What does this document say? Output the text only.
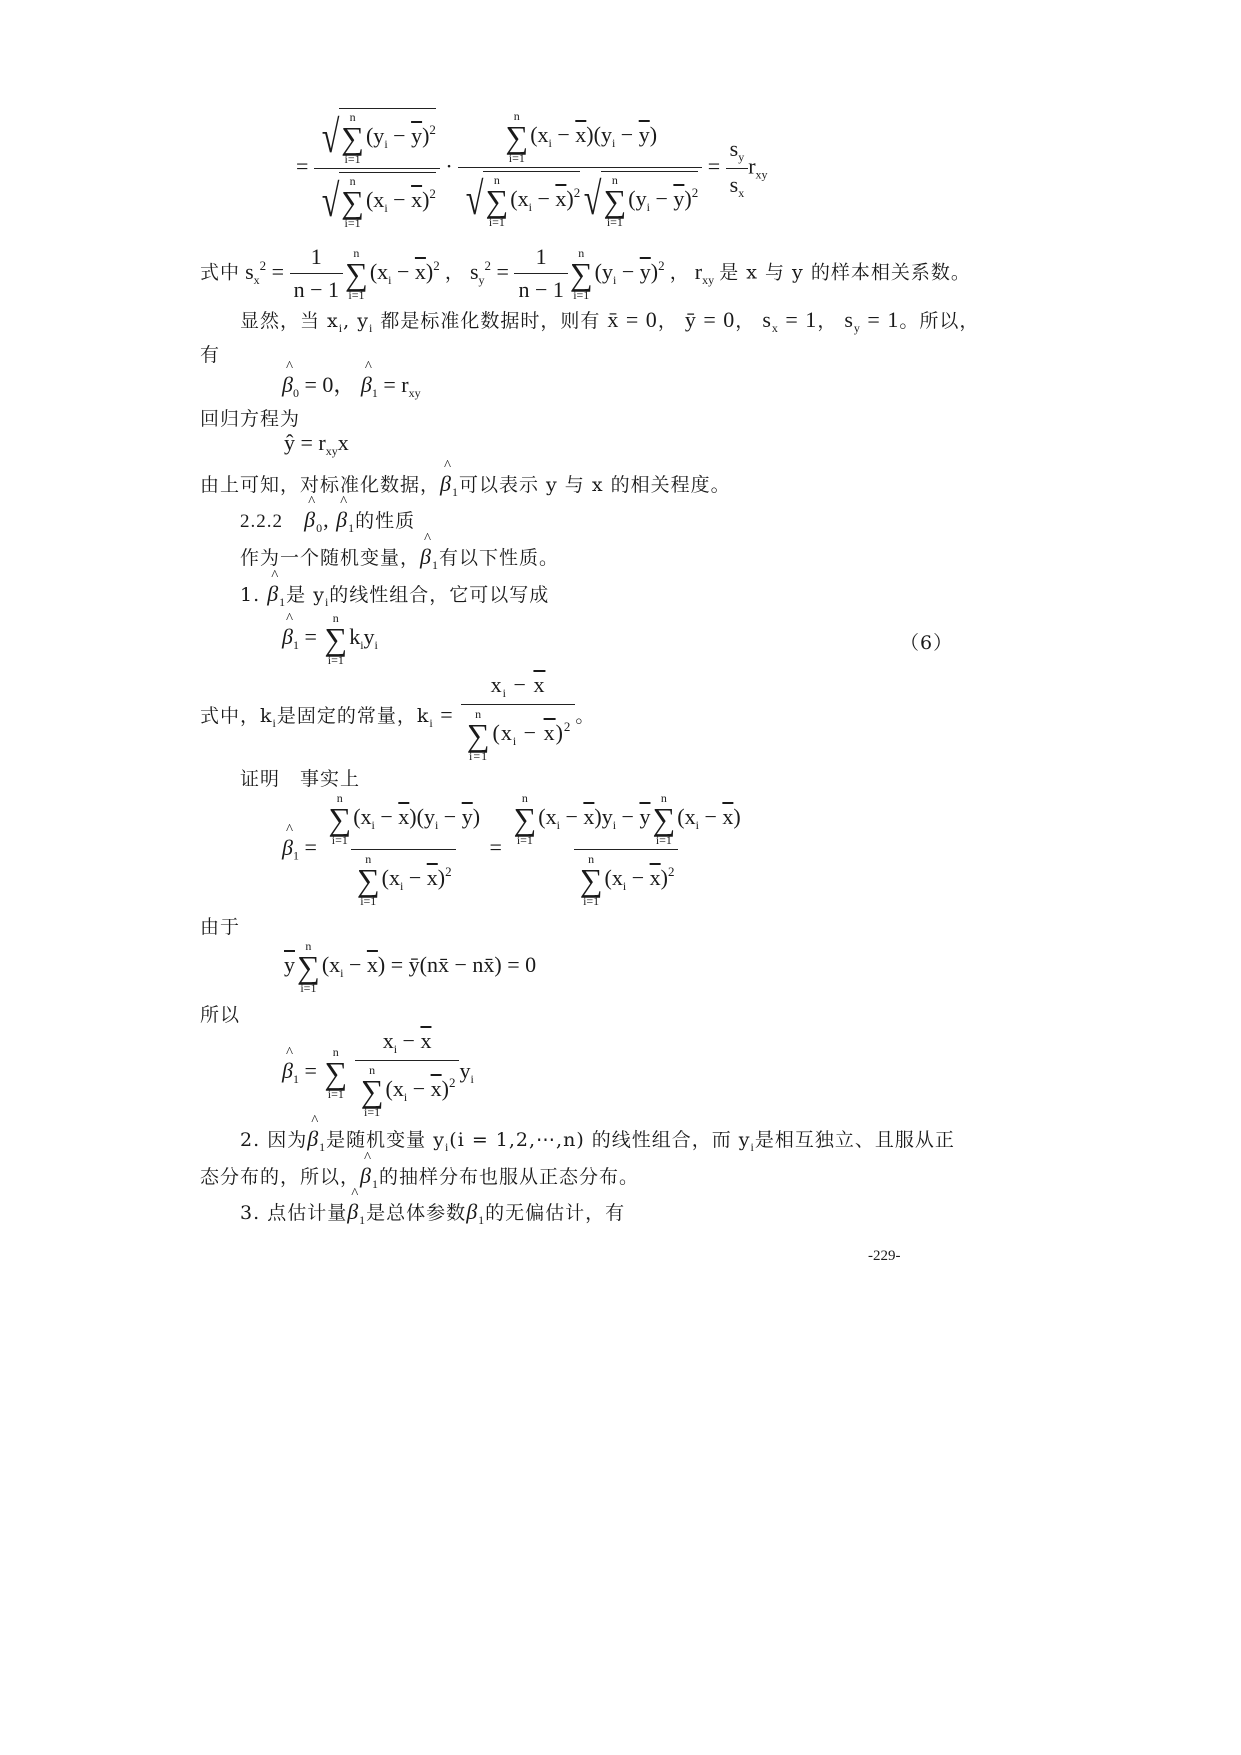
= √ n
∑
i=1
$(y_i - \overline{y})^2$
√ n
∑
i=1
$(x_i - \overline{x})^2 \cdot n$
∑
i=1
$(x_i - \overline{x})(y_i - \overline{y})$
√ n
∑
i=1
$(x_i - \overline{x})^2$ √ n
∑
i=1
$(y_i - \overline{y})^2 = \frac{s_y}{s_x} r_{xy}$
式中 $s_x^2 = \frac{1}{n - 1}$ n
∑
i=1
$(x_i - \overline{x})^2$ ， $s_y^2 = \frac{1}{n - 1}$ n
∑
i=1
$(y_i - \overline{y})^2$ ， $r_{xy}$ 是 x 与 y 的样本相关系数。
显然，当 $x_i$, $y_i$ 都是标准化数据时，则有 x̄ = 0， ȳ = 0， $s_x = 1$， $s_y = 1$。所以，
有
^ $\beta_0 = 0$， ^ $\beta_1 = r_{xy}$
回归方程为
ŷ = $r_{xy}x$
由上可知，对标准化数据，^ $\beta_1$可以表示 y 与 x 的相关程度。
2.2.2 ^ $\beta_0$, ^ $\beta_1$的性质
作为一个随机变量，^ $\beta_1$有以下性质。
1. ^ $\beta_1$是 $y_i$的线性组合，它可以写成
^ $\beta_1$ =
n
∑
i=1
$k_iy_i$	（6）
式中，$k_i$是固定的常量，$k_i = x_i - \overline{x}$
n
∑
i=1
$(x_i - \overline{x})^2$ 。
证明　事实上
^ $\beta_1 = n$
∑
i=1
$(x_i - \overline{x})(y_i - \overline{y})$
n
∑
i=1
$(x_i - \overline{x})^2 = n$
∑
i=1
$(x_i - \overline{x})y_i - \overline{y}$
n
∑
i=1
$(x_i - \overline{x})$
n
∑
i=1
$(x_i - \overline{x})^2$
由于
$\overline{y}$
n
∑
i=1
$(x_i - \overline{x})$ = ȳ(nx̄ − nx̄) = 0
所以
^ $\beta_1$ =
n
∑
i=1
$x_i - \overline{x}$
n
∑
i=1
$(x_i - \overline{x})^2$ $y_i$
2. 因为^ $\beta_1$是随机变量 $y_i(i$ = 1,2,⋯,n) 的线性组合，而 $y_i$是相互独立、且服从正
态分布的，所以，^ $\beta_1$的抽样分布也服从正态分布。
3. 点估计量^ $\beta_1$是总体参数$\beta_1$的无偏估计，有
-229-
